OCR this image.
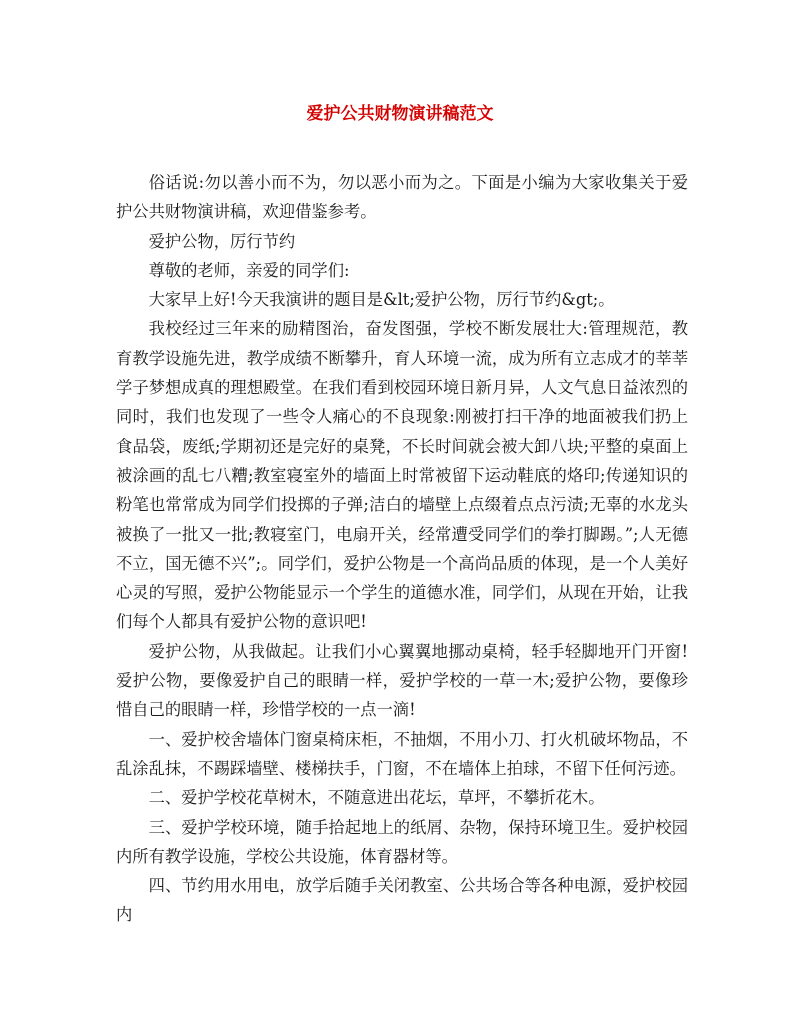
爱护公共财物演讲稿范文

俗话说:勿以善小而不为，勿以恶小而为之。下面是小编为大家收集关于爱护公共财物演讲稿，欢迎借鉴参考。

爱护公物，厉行节约

尊敬的老师，亲爱的同学们:

大家早上好!今天我演讲的题目是&lt;爱护公物，厉行节约&gt;。

我校经过三年来的励精图治，奋发图强，学校不断发展壮大:管理规范，教育教学设施先进，教学成绩不断攀升，育人环境一流，成为所有立志成才的莘莘学子梦想成真的理想殿堂。在我们看到校园环境日新月异，人文气息日益浓烈的同时，我们也发现了一些令人痛心的不良现象:刚被打扫干净的地面被我们扔上食品袋，废纸;学期初还是完好的桌凳，不长时间就会被大卸八块;平整的桌面上被涂画的乱七八糟;教室寝室外的墙面上时常被留下运动鞋底的烙印;传递知识的粉笔也常常成为同学们投掷的子弹;洁白的墙壁上点缀着点点污渍;无辜的水龙头被换了一批又一批;教寝室门，电扇开关，经常遭受同学们的拳打脚踢。”;人无德不立，国无德不兴”;。同学们，爱护公物是一个高尚品质的体现，是一个人美好心灵的写照，爱护公物能显示一个学生的道德水准，同学们，从现在开始，让我们每个人都具有爱护公物的意识吧!

爱护公物，从我做起。让我们小心翼翼地挪动桌椅，轻手轻脚地开门开窗!爱护公物，要像爱护自己的眼睛一样，爱护学校的一草一木;爱护公物，要像珍惜自己的眼睛一样，珍惜学校的一点一滴!

一、爱护校舍墙体门窗桌椅床柜，不抽烟，不用小刀、打火机破坏物品，不乱涂乱抹，不踢踩墙壁、楼梯扶手，门窗，不在墙体上拍球，不留下任何污迹。

二、爱护学校花草树木，不随意进出花坛，草坪，不攀折花木。

三、爱护学校环境，随手拾起地上的纸屑、杂物，保持环境卫生。爱护校园内所有教学设施，学校公共设施，体育器材等。

四、节约用水用电，放学后随手关闭教室、公共场合等各种电源，爱护校园内
